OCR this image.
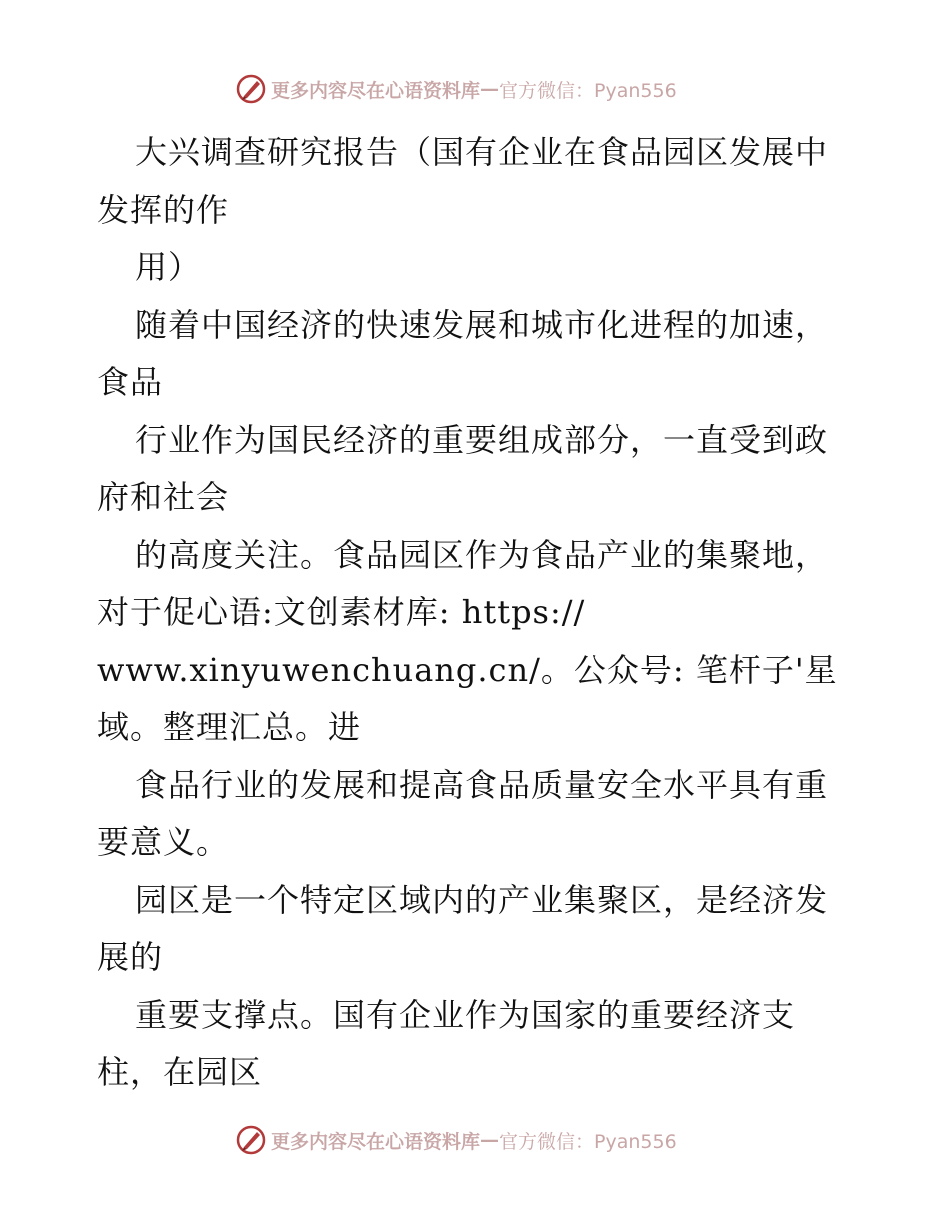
更多内容尽在心语资料库 — 官方微信：Pyan556
大兴调查研究报告（国有企业在食品园区发展中
发挥的作
用）
随着中国经济的快速发展和城市化进程的加速，
食品
行业作为国民经济的重要组成部分，一直受到政
府和社会
的高度关注。食品园区作为食品产业的集聚地，
对于促心语:文创素材库: https://
www.xinyuwenchuang.cn/。公众号: 笔杆子'星
域。整理汇总。进
食品行业的发展和提高食品质量安全水平具有重
要意义。
园区是一个特定区域内的产业集聚区，是经济发
展的
重要支撑点。国有企业作为国家的重要经济支
柱，在园区
更多内容尽在心语资料库 — 官方微信：Pyan556
